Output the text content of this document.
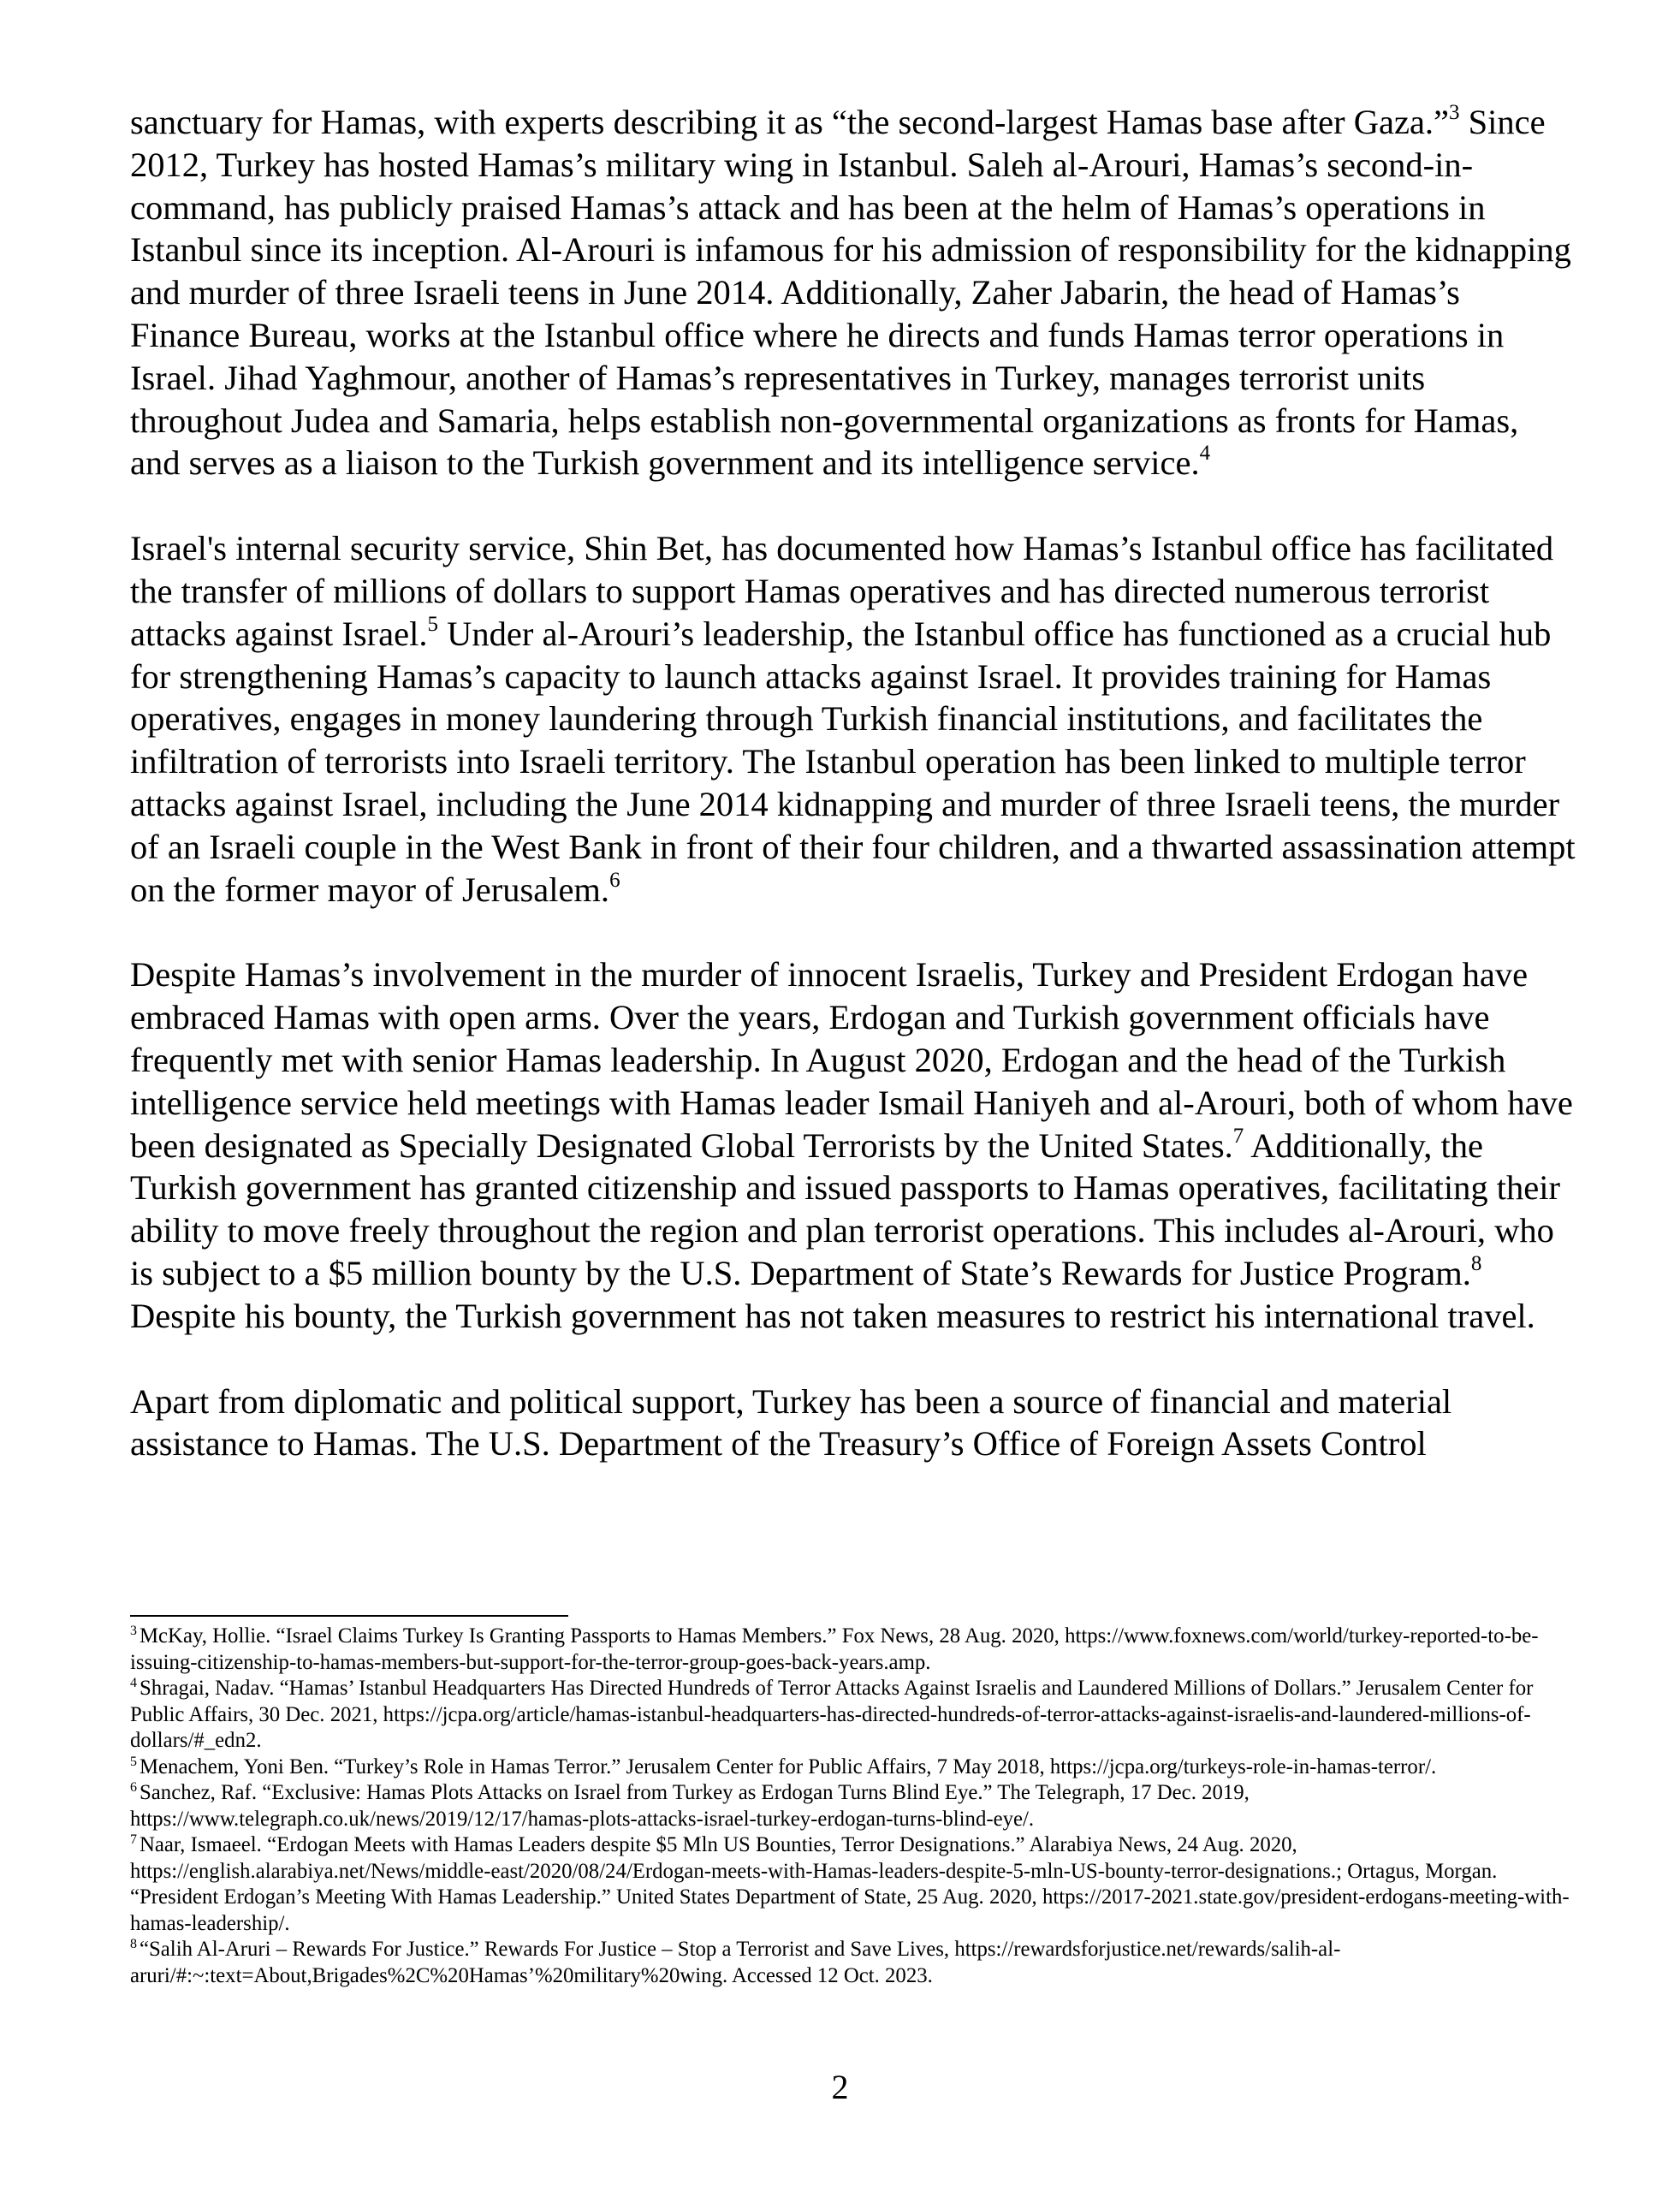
sanctuary for Hamas, with experts describing it as “the second-largest Hamas base after Gaza.”$^3$ Since 2012, Turkey has hosted Hamas’s military wing in Istanbul. Saleh al-Arouri, Hamas’s second-in-command, has publicly praised Hamas’s attack and has been at the helm of Hamas’s operations in Istanbul since its inception. Al-Arouri is infamous for his admission of responsibility for the kidnapping and murder of three Israeli teens in June 2014. Additionally, Zaher Jabarin, the head of Hamas’s Finance Bureau, works at the Istanbul office where he directs and funds Hamas terror operations in Israel. Jihad Yaghmour, another of Hamas’s representatives in Turkey, manages terrorist units throughout Judea and Samaria, helps establish non-governmental organizations as fronts for Hamas, and serves as a liaison to the Turkish government and its intelligence service.$^4$

Israel's internal security service, Shin Bet, has documented how Hamas’s Istanbul office has facilitated the transfer of millions of dollars to support Hamas operatives and has directed numerous terrorist attacks against Israel.$^5$ Under al-Arouri’s leadership, the Istanbul office has functioned as a crucial hub for strengthening Hamas’s capacity to launch attacks against Israel. It provides training for Hamas operatives, engages in money laundering through Turkish financial institutions, and facilitates the infiltration of terrorists into Israeli territory. The Istanbul operation has been linked to multiple terror attacks against Israel, including the June 2014 kidnapping and murder of three Israeli teens, the murder of an Israeli couple in the West Bank in front of their four children, and a thwarted assassination attempt on the former mayor of Jerusalem.$^6$

Despite Hamas’s involvement in the murder of innocent Israelis, Turkey and President Erdogan have embraced Hamas with open arms. Over the years, Erdogan and Turkish government officials have frequently met with senior Hamas leadership. In August 2020, Erdogan and the head of the Turkish intelligence service held meetings with Hamas leader Ismail Haniyeh and al-Arouri, both of whom have been designated as Specially Designated Global Terrorists by the United States.$^7$ Additionally, the Turkish government has granted citizenship and issued passports to Hamas operatives, facilitating their ability to move freely throughout the region and plan terrorist operations. This includes al-Arouri, who is subject to a $5 million bounty by the U.S. Department of State’s Rewards for Justice Program.$^8$ Despite his bounty, the Turkish government has not taken measures to restrict his international travel.

Apart from diplomatic and political support, Turkey has been a source of financial and material assistance to Hamas. The U.S. Department of the Treasury’s Office of Foreign Assets Control

$^3$ McKay, Hollie. “Israel Claims Turkey Is Granting Passports to Hamas Members.” Fox News, 28 Aug. 2020, https://www.foxnews.com/world/turkey-reported-to-be-issuing-citizenship-to-hamas-members-but-support-for-the-terror-group-goes-back-years.amp.

$^4$ Shragai, Nadav. “Hamas’ Istanbul Headquarters Has Directed Hundreds of Terror Attacks Against Israelis and Laundered Millions of Dollars.” Jerusalem Center for Public Affairs, 30 Dec. 2021, https://jcpa.org/article/hamas-istanbul-headquarters-has-directed-hundreds-of-terror-attacks-against-israelis-and-laundered-millions-of-dollars/#_edn2.

$^5$ Menachem, Yoni Ben. “Turkey’s Role in Hamas Terror.” Jerusalem Center for Public Affairs, 7 May 2018, https://jcpa.org/turkeys-role-in-hamas-terror/.

$^6$ Sanchez, Raf. “Exclusive: Hamas Plots Attacks on Israel from Turkey as Erdogan Turns Blind Eye.” The Telegraph, 17 Dec. 2019, https://www.telegraph.co.uk/news/2019/12/17/hamas-plots-attacks-israel-turkey-erdogan-turns-blind-eye/.

$^7$ Naar, Ismaeel. “Erdogan Meets with Hamas Leaders despite $5 Mln US Bounties, Terror Designations.” Alarabiya News, 24 Aug. 2020, https://english.alarabiya.net/News/middle-east/2020/08/24/Erdogan-meets-with-Hamas-leaders-despite-5-mln-US-bounty-terror-designations.; Ortagus, Morgan. “President Erdogan’s Meeting With Hamas Leadership.” United States Department of State, 25 Aug. 2020, https://2017-2021.state.gov/president-erdogans-meeting-with-hamas-leadership/.

$^8$ “Salih Al-Aruri – Rewards For Justice.” Rewards For Justice – Stop a Terrorist and Save Lives, https://rewardsforjustice.net/rewards/salih-al-aruri/#:~:text=About,Brigades%2C%20Hamas’%20military%20wing. Accessed 12 Oct. 2023.

2
